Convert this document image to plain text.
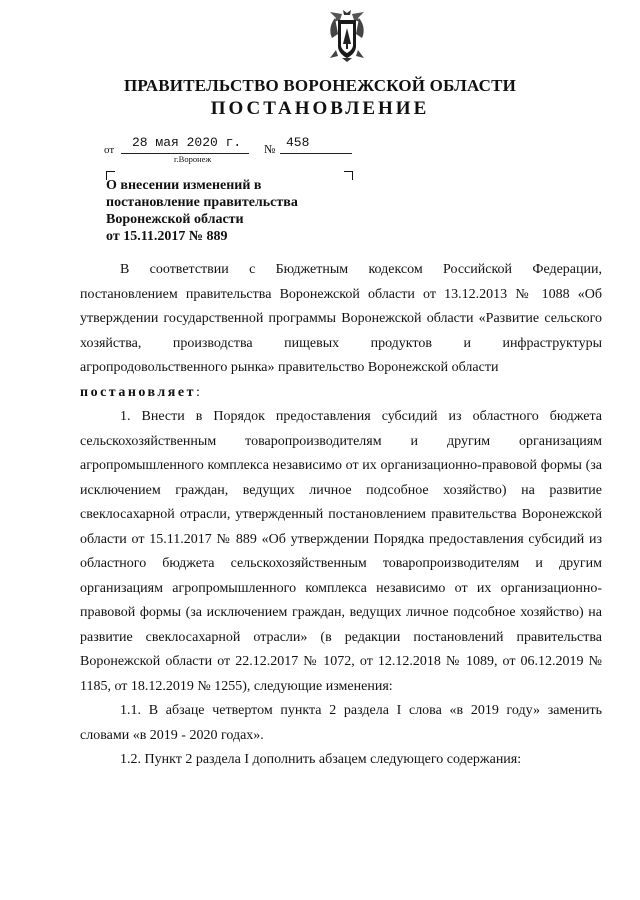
ПРАВИТЕЛЬСТВО ВОРОНЕЖСКОЙ ОБЛАСТИ
ПОСТАНОВЛЕНИЕ
от 28 мая 2020 г. № 458
г.Воронеж

О внесении изменений в
постановление правительства
Воронежской области
от 15.11.2017 № 889

В соответствии с Бюджетным кодексом Российской Федерации, постановлением правительства Воронежской области от 13.12.2013 № 1088 «Об утверждении государственной программы Воронежской области «Развитие сельского хозяйства, производства пищевых продуктов и инфраструктуры агропродовольственного рынка» правительство Воронежской области

постановляет:

1. Внести в Порядок предоставления субсидий из областного бюджета сельскохозяйственным товаропроизводителям и другим организациям агропромышленного комплекса независимо от их организационно-правовой формы (за исключением граждан, ведущих личное подсобное хозяйство) на развитие свеклосахарной отрасли, утвержденный постановлением правительства Воронежской области от 15.11.2017 № 889 «Об утверждении Порядка предоставления субсидий из областного бюджета сельскохозяйственным товаропроизводителям и другим организациям агропромышленного комплекса независимо от их организационно-правовой формы (за исключением граждан, ведущих личное подсобное хозяйство) на развитие свеклосахарной отрасли» (в редакции постановлений правительства Воронежской области от 22.12.2017 № 1072, от 12.12.2018 № 1089, от 06.12.2019 № 1185, от 18.12.2019 № 1255), следующие изменения:

1.1. В абзаце четвертом пункта 2 раздела I слова «в 2019 году» заменить словами «в 2019 - 2020 годах».

1.2. Пункт 2 раздела I дополнить абзацем следующего содержания:
